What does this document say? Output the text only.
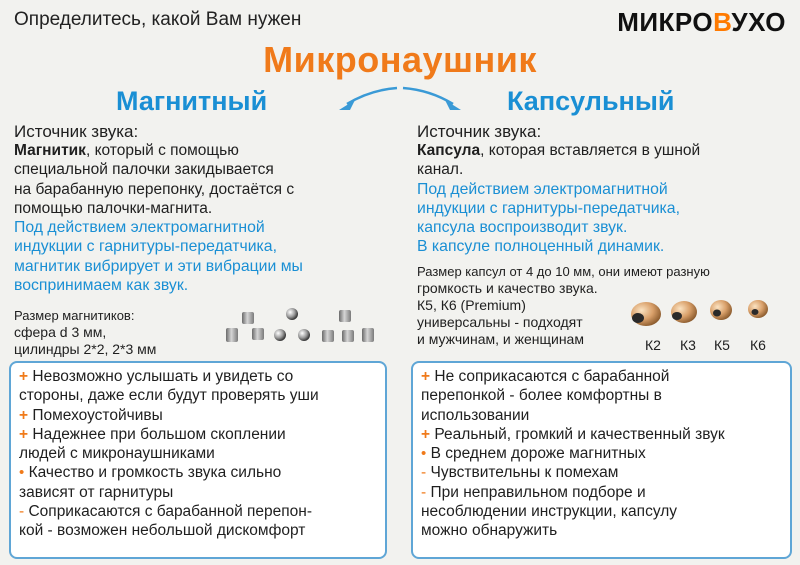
Определитесь, какой Вам нужен	МИКРОВУХО
Микронаушник
Магнитный	Капсульный

Источник звука:

Магнитик, который с помощью

специальной палочки закидывается

на барабанную перепонку, достаётся с

помощью палочки-магнита.

Под действием электромагнитной

индукции с гарнитуры-передатчика,

магнитик вибрирует и эти вибрации мы

воспринимаем как звук.

Размер магнитиков:

сфера d 3 мм,

цилиндры 2*2, 2*3 мм

Источник звука:

Капсула, которая вставляется в ушной

канал.

Под действием электромагнитной

индукции с гарнитуры-передатчика,

капсула воспроизводит звук.

В капсуле полноценный динамик.

Размер капсул от 4 до 10 мм, они имеют разную

громкость и качество звука.

К5, К6 (Premium)

универсальны - подходят

и мужчинам, и женщинам	К2	К3	К5	К6
+ Невозможно услышать и увидеть со
стороны, даже если будут проверять уши
+ Помехоустойчивы
+ Надежнее при большом скоплении
людей с микронаушниками
• Качество и громкость звука сильно
зависят от гарнитуры
- Соприкасаются с барабанной перепон-
кой - возможен небольшой дискомфорт
+ Не соприкасаются с барабанной
перепонкой - более комфортны в
использовании
+ Реальный, громкий и качественный звук
• В среднем дороже магнитных
- Чувствительны к помехам
- При неправильном подборе и
несоблюдении инструкции, капсулу
можно обнаружить
